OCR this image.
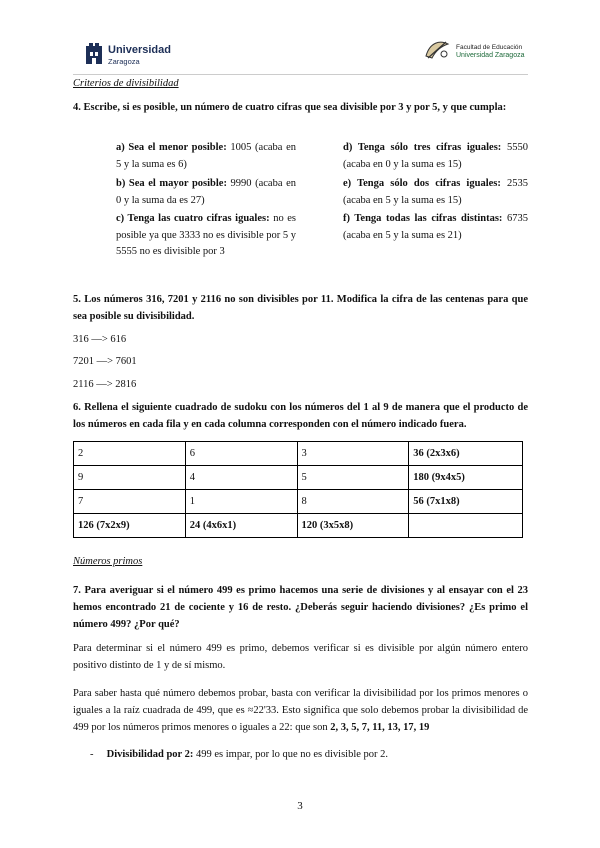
Universidad
Zaragoza
Facultad de Educación
Universidad Zaragoza
Criterios de divisibilidad
4. Escribe, si es posible, un número de cuatro cifras que sea divisible por 3 y por 5, y que cumpla:
a) Sea el menor posible: 1005 (acaba en 5 y la suma es 6)
b) Sea el mayor posible: 9990 (acaba en 0 y la suma da es 27)
c) Tenga las cuatro cifras iguales: no es posible ya que 3333 no es divisible por 5 y 5555 no es divisible por 3
d) Tenga sólo tres cifras iguales: 5550 (acaba en 0 y la suma es 15)
e) Tenga sólo dos cifras iguales: 2535 (acaba en 5 y la suma es 15)
f) Tenga todas las cifras distintas: 6735 (acaba en 5 y la suma es 21)
5. Los números 316, 7201 y 2116 no son divisibles por 11. Modifica la cifra de las centenas para que sea posible su divisibilidad.
316 —> 616
7201 —> 7601
2116 —> 2816
6. Rellena el siguiente cuadrado de sudoku con los números del 1 al 9 de manera que el producto de los números en cada fila y en cada columna corresponden con el número indicado fuera.
2	6	3	36 (2x3x6)
9	4	5	180 (9x4x5)
7	1	8	56 (7x1x8)
126 (7x2x9)	24 (4x6x1)	120 (3x5x8)	
Números primos
7. Para averiguar si el número 499 es primo hacemos una serie de divisiones y al ensayar con el 23 hemos encontrado 21 de cociente y 16 de resto. ¿Deberás seguir haciendo divisiones? ¿Es primo el número 499? ¿Por qué?
Para determinar si el número 499 es primo, debemos verificar si es divisible por algún número entero positivo distinto de 1 y de sí mismo.
Para saber hasta qué número debemos probar, basta con verificar la divisibilidad por los primos menores o iguales a la raíz cuadrada de 499, que es ≈22'33. Esto significa que solo debemos probar la divisibilidad de 499 por los números primos menores o iguales a 22: que son 2, 3, 5, 7, 11, 13, 17, 19
-     Divisibilidad por 2: 499 es impar, por lo que no es divisible por 2.
3
